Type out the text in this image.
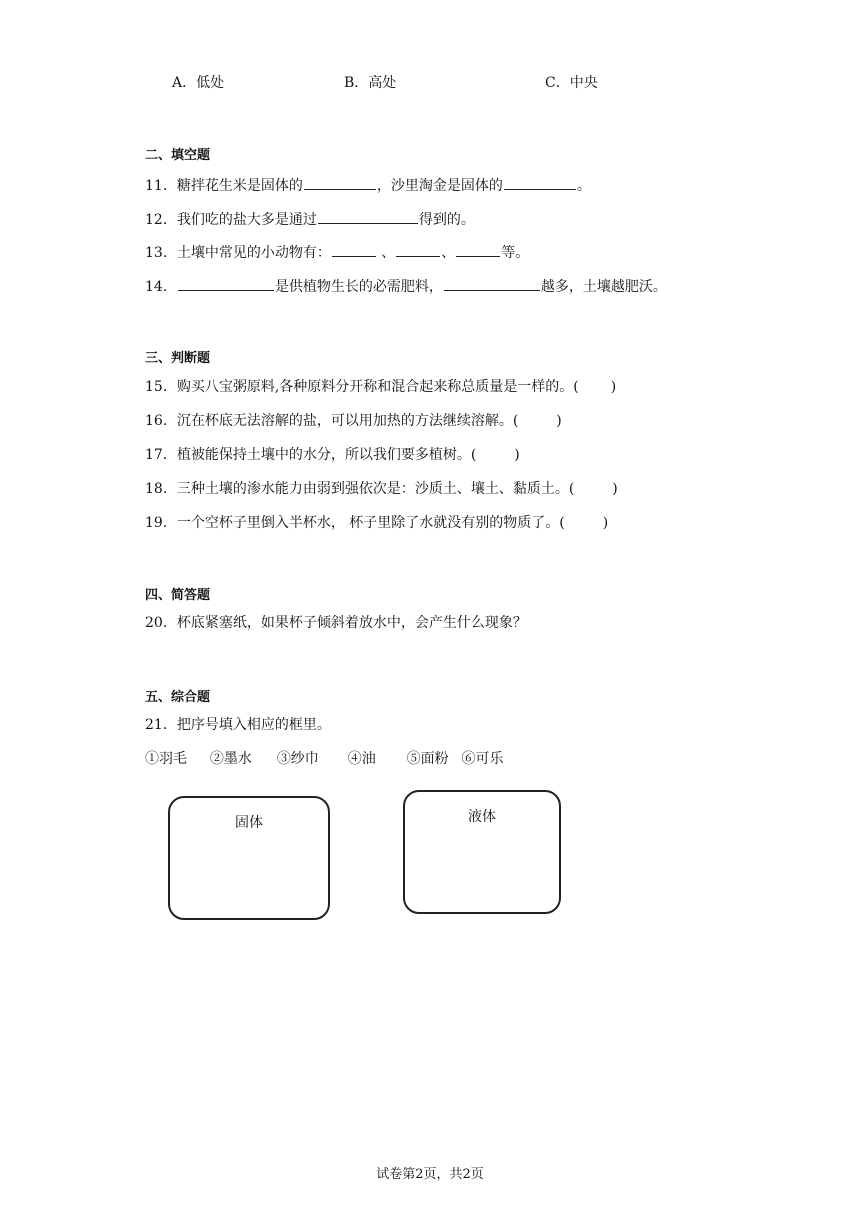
A．低处	B．高处	C．中央
二、填空题
11．糖拌花生米是固体的	，沙里淘金是固体的	。
12．我们吃的盐大多是通过	得到的。
13．土壤中常见的小动物有：	、	、	等。
14．	是供植物生长的必需肥料，	越多，土壤越肥沃。
三、判断题
15．购买八宝粥原料,各种原料分开称和混合起来称总质量是一样的。( )
16．沉在杯底无法溶解的盐，可以用加热的方法继续溶解。(	)
17．植被能保持土壤中的水分，所以我们要多植树。(	)
18．三种土壤的渗水能力由弱到强依次是：沙质土、壤土、黏质土。(	)
19．一个空杯子里倒入半杯水， 杯子里除了水就没有别的物质了。(	)
四、简答题
20．杯底紧塞纸，如果杯子倾斜着放水中，会产生什么现象？
五、综合题
21．把序号填入相应的框里。
①羽毛 ②墨水 ③纱巾 ④油 ⑤面粉 ⑥可乐
固体	液体
试卷第2页，共2页
